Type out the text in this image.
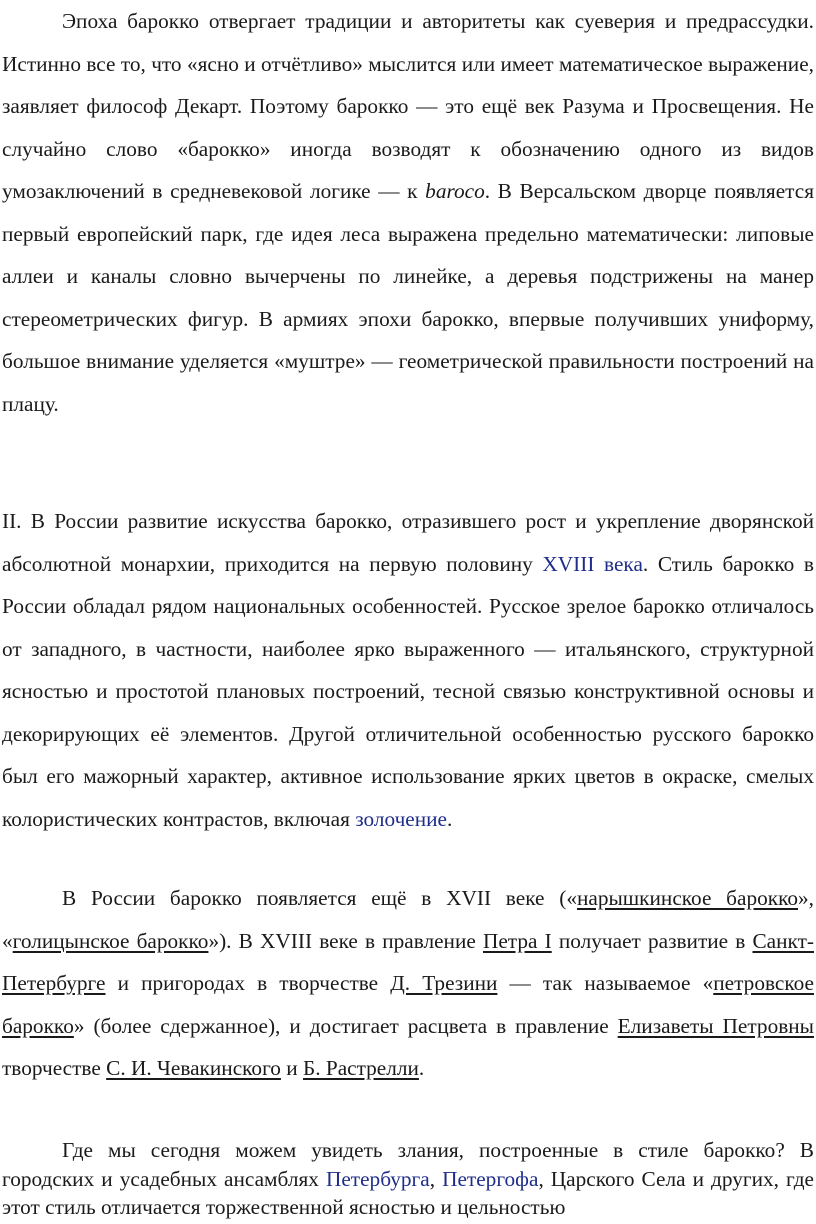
Эпоха барокко отвергает традиции и авторитеты как суеверия и предрассудки. Истинно все то, что «ясно и отчётливо» мыслится или имеет математическое выражение, заявляет философ Декарт. Поэтому барокко — это ещё век Разума и Просвещения. Не случайно слово «барокко» иногда возводят к обозначению одного из видов умозаключений в средневековой логике — к baroco. В Версальском дворце появляется первый европейский парк, где идея леса выражена предельно математически: липовые аллеи и каналы словно вычерчены по линейке, а деревья подстрижены на манер стереометрических фигур. В армиях эпохи барокко, впервые получивших униформу, большое внимание уделяется «муштре» — геометрической правильности построений на плацу.

II. В России развитие искусства барокко, отразившего рост и укрепление дворянской абсолютной монархии, приходится на первую половину XVIII века. Стиль барокко в России обладал рядом национальных особенностей. Русское зрелое барокко отличалось от западного, в частности, наиболее ярко выраженного — итальянского, структурной ясностью и простотой плановых построений, тесной связью конструктивной основы и декорирующих её элементов. Другой отличительной особенностью русского барокко был его мажорный характер, активное использование ярких цветов в окраске, смелых колористических контрастов, включая золочение.

В России барокко появляется ещё в XVII веке («нарышкинское барокко», «голицынское барокко»). В XVIII веке в правление Петра I получает развитие в Санкт-Петербурге и пригородах в творчестве Д. Трезини — так называемое «петровское барокко» (более сдержанное), и достигает расцвета в правление Елизаветы Петровны творчестве С. И. Чевакинского и Б. Растрелли.

Где мы сегодня можем увидеть злания, построенные в стиле барокко? В городских и усадебных ансамблях Петербурга, Петергофа, Царского Села и других, где этот стиль отличается торжественной ясностью и цельностью
